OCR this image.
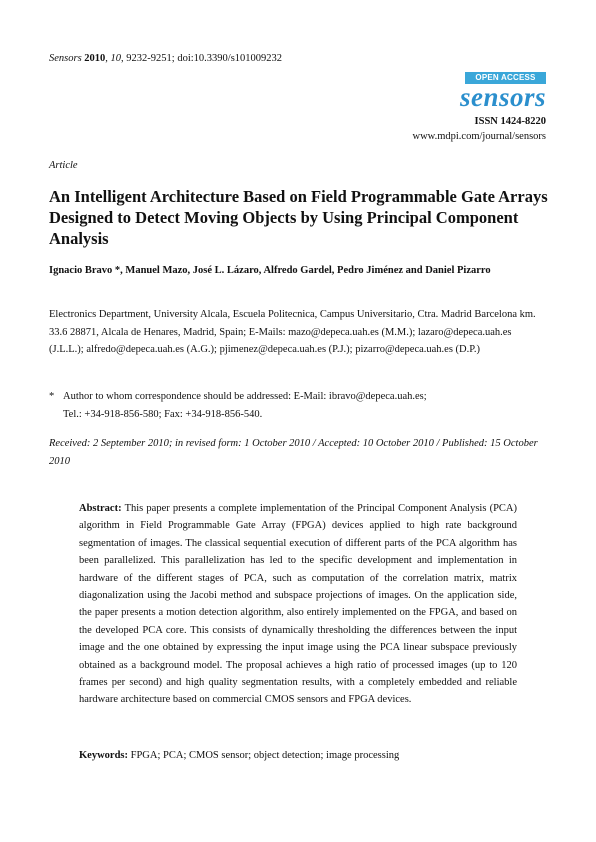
Sensors 2010, 10, 9232-9251; doi:10.3390/s101009232
OPEN ACCESS
sensors
ISSN 1424-8220
www.mdpi.com/journal/sensors
Article
An Intelligent Architecture Based on Field Programmable Gate Arrays Designed to Detect Moving Objects by Using Principal Component Analysis

Ignacio Bravo *, Manuel Mazo, José L. Lázaro, Alfredo Gardel, Pedro Jiménez and Daniel Pizarro

Electronics Department, University Alcala, Escuela Politecnica, Campus Universitario, Ctra. Madrid Barcelona km. 33.6 28871, Alcala de Henares, Madrid, Spain; E-Mails: mazo@depeca.uah.es (M.M.); lazaro@depeca.uah.es (J.L.L.); alfredo@depeca.uah.es (A.G.); pjimenez@depeca.uah.es (P.J.); pizarro@depeca.uah.es (D.P.)

* Author to whom correspondence should be addressed: E-Mail: ibravo@depeca.uah.es;
Tel.: +34-918-856-580; Fax: +34-918-856-540.

Received: 2 September 2010; in revised form: 1 October 2010 / Accepted: 10 October 2010 / Published: 15 October 2010

Abstract: This paper presents a complete implementation of the Principal Component Analysis (PCA) algorithm in Field Programmable Gate Array (FPGA) devices applied to high rate background segmentation of images. The classical sequential execution of different parts of the PCA algorithm has been parallelized. This parallelization has led to the specific development and implementation in hardware of the different stages of PCA, such as computation of the correlation matrix, matrix diagonalization using the Jacobi method and subspace projections of images. On the application side, the paper presents a motion detection algorithm, also entirely implemented on the FPGA, and based on the developed PCA core. This consists of dynamically thresholding the differences between the input image and the one obtained by expressing the input image using the PCA linear subspace previously obtained as a background model. The proposal achieves a high ratio of processed images (up to 120 frames per second) and high quality segmentation results, with a completely embedded and reliable hardware architecture based on commercial CMOS sensors and FPGA devices.

Keywords: FPGA; PCA; CMOS sensor; object detection; image processing
